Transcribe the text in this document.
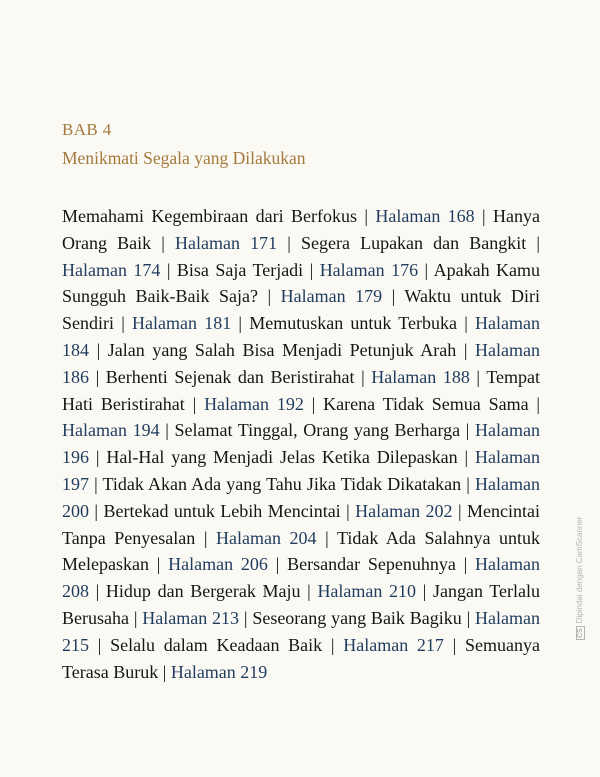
BAB 4
Menikmati Segala yang Dilakukan
Memahami Kegembiraan dari Berfokus | Halaman 168 | Hanya Orang Baik | Halaman 171 | Segera Lupakan dan Bangkit | Halaman 174 | Bisa Saja Terjadi | Halaman 176 | Apakah Kamu Sungguh Baik-Baik Saja? | Halaman 179 | Waktu untuk Diri Sendiri | Halaman 181 | Memutuskan untuk Terbuka | Halaman 184 | Jalan yang Salah Bisa Menjadi Petunjuk Arah | Halaman 186 | Berhenti Sejenak dan Beristirahat | Halaman 188 | Tempat Hati Beristirahat | Halaman 192 | Karena Tidak Semua Sama | Halaman 194 | Selamat Tinggal, Orang yang Berharga | Halaman 196 | Hal-Hal yang Menjadi Jelas Ketika Dilepaskan | Halaman 197 | Tidak Akan Ada yang Tahu Jika Tidak Dikatakan | Halaman 200 | Bertekad untuk Lebih Mencintai | Halaman 202 | Mencintai Tanpa Penyesalan | Halaman 204 | Tidak Ada Salahnya untuk Melepaskan | Halaman 206 | Bersandar Sepenuhnya | Halaman 208 | Hidup dan Bergerak Maju | Halaman 210 | Jangan Terlalu Berusaha | Halaman 213 | Seseorang yang Baik Bagiku | Halaman 215 | Selalu dalam Keadaan Baik | Halaman 217 | Semuanya Terasa Buruk | Halaman 219
CSDipindai dengan CamScanner
